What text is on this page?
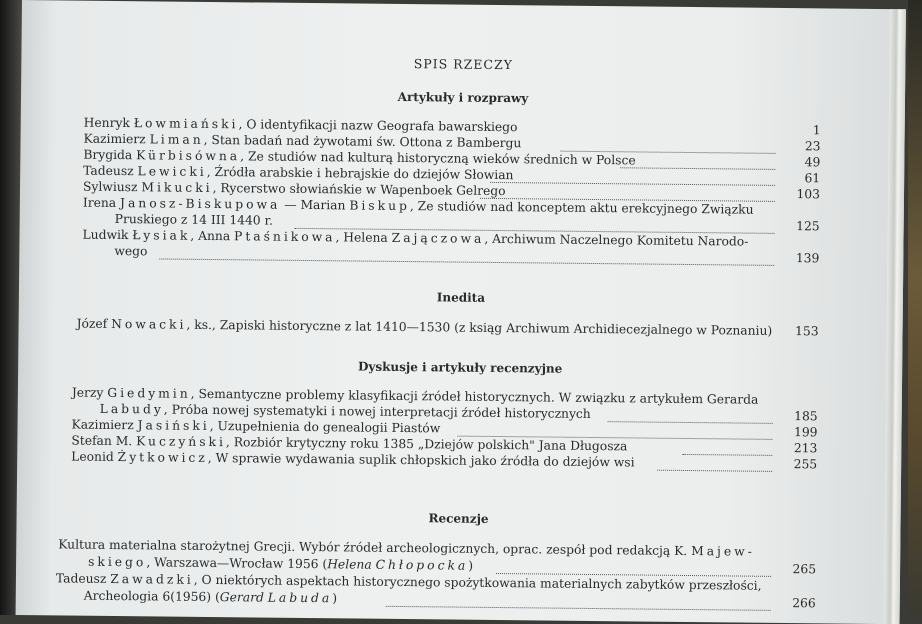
SPIS RZECZY
Artykuły i rozprawy
Henryk Łowmiański, O identyfikacji nazw Geografa bawarskiego	1
Kazimierz Liman, Stan badań nad żywotami św. Ottona z Bambergu	23
Brygida Kürbisówna, Ze studiów nad kulturą historyczną wieków średnich w Polsce	49
Tadeusz Lewicki, Źródła arabskie i hebrajskie do dziejów Słowian	61
Sylwiusz Mikucki, Rycerstwo słowiańskie w Wapenboek Gelrego	103
Irena Janosz-Biskupowa — Marian Biskup, Ze studiów nad konceptem aktu erekcyjnego Związku
Pruskiego z 14 III 1440 r.	125
Ludwik Łysiak, Anna Ptaśnikowa, Helena Zajączowa, Archiwum Naczelnego Komitetu Narodo-
wego	139
Inedita
Józef Nowacki, ks., Zapiski historyczne z lat 1410—1530 (z ksiąg Archiwum Archidiecezjalnego w Poznaniu)	153
Dyskusje i artykuły recenzyjne
Jerzy Giedymin, Semantyczne problemy klasyfikacji źródeł historycznych. W związku z artykułem Gerarda
Labudy, Próba nowej systematyki i nowej interpretacji źródeł historycznych	185
Kazimierz Jasiński, Uzupełnienia do genealogii Piastów	199
Stefan M. Kuczyński, Rozbiór krytyczny roku 1385 „Dziejów polskich" Jana Długosza	213
Leonid Żytkowicz, W sprawie wydawania suplik chłopskich jako źródła do dziejów wsi	255
Recenzje
Kultura materialna starożytnej Grecji. Wybór źródeł archeologicznych, oprac. zespół pod redakcją K. Majew-
skiego, Warszawa—Wrocław 1956 (Helena Chłopocka)	265
Tadeusz Zawadzki, O niektórych aspektach historycznego spożytkowania materialnych zabytków przeszłości,
Archeologia 6(1956) (Gerard Labuda)	266
